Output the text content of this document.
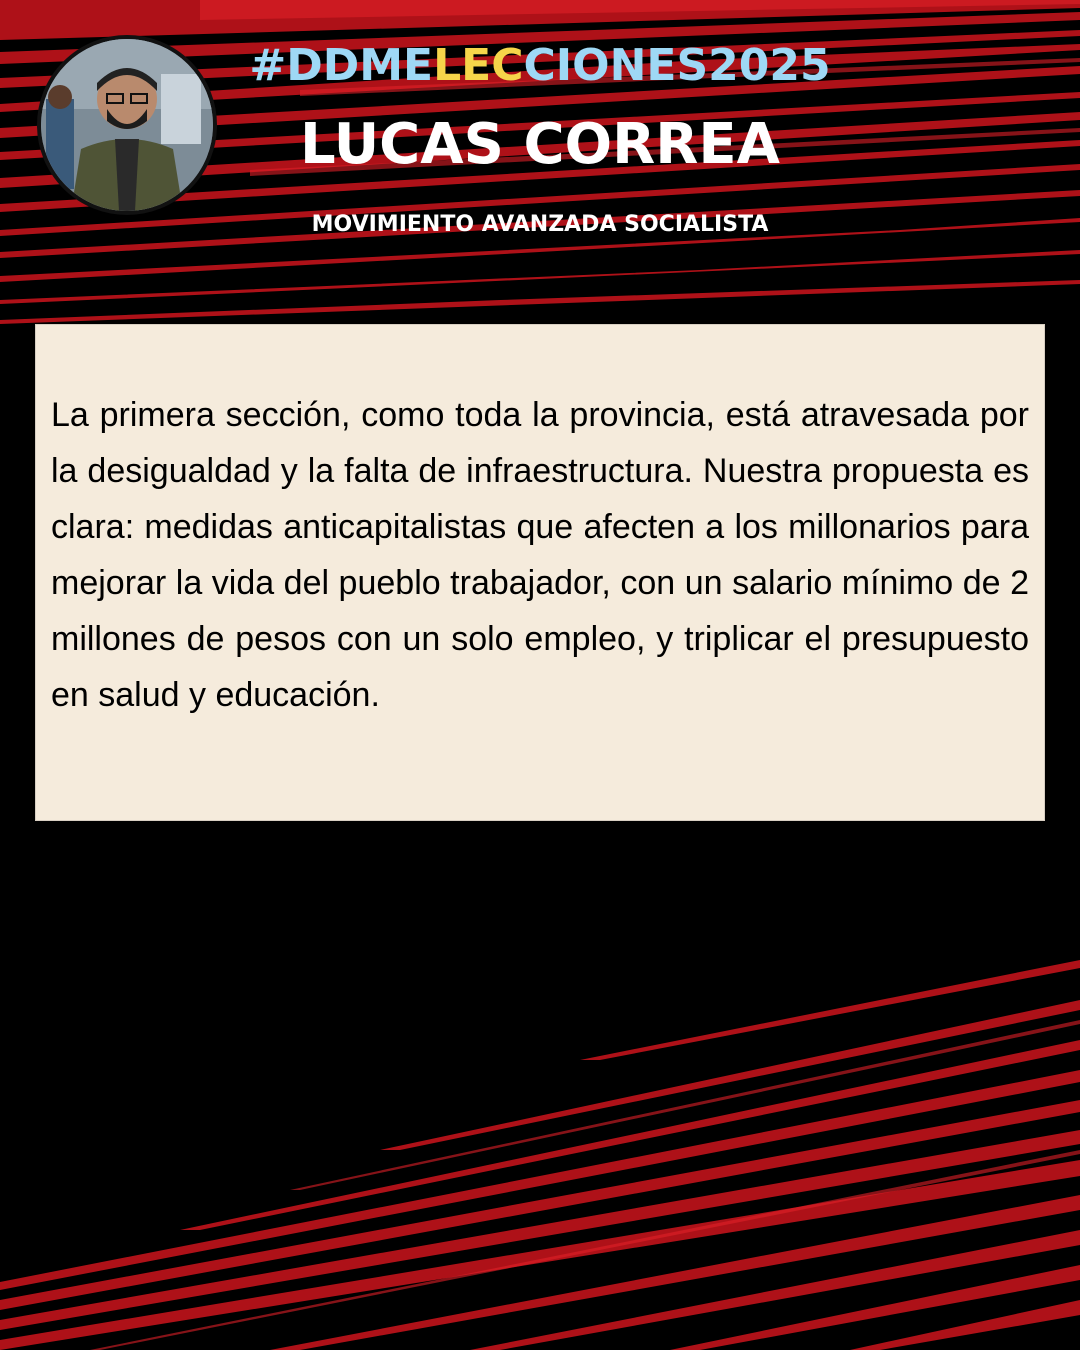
#DDMELECCIONES2025
LUCAS CORREA
MOVIMIENTO AVANZADA SOCIALISTA

La primera sección, como toda la provincia, está atravesada por la desigualdad y la falta de infraestructura. Nuestra propuesta es clara: medidas anticapitalistas que afecten a los millonarios para mejorar la vida del pueblo trabajador, con un salario mínimo de 2 millones de pesos con un solo empleo, y triplicar el presupuesto en salud y educación.
